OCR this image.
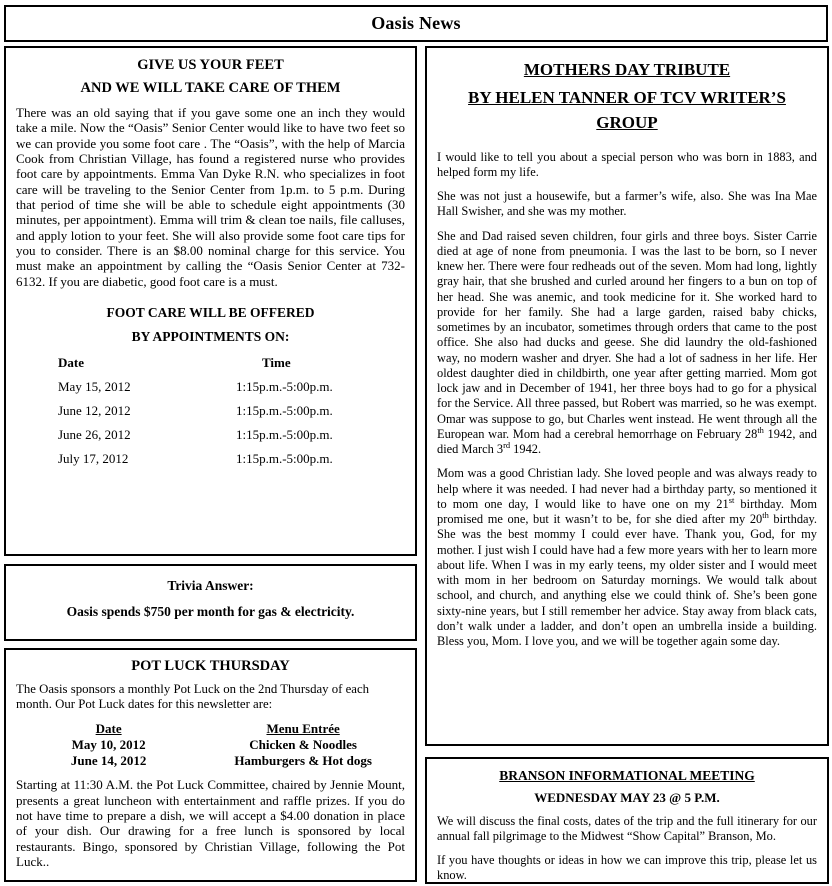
Oasis News
GIVE US YOUR FEET
AND WE WILL TAKE CARE OF THEM

There was an old saying that if you gave some one an inch they would take a mile. Now the “Oasis” Senior Center would like to have two feet so we can provide you some foot care . The “Oasis”, with the help of Marcia Cook from Christian Village, has found a registered nurse who provides foot care by appointments. Emma Van Dyke R.N. who specializes in foot care will be traveling to the Senior Center from 1p.m. to 5 p.m. During that period of time she will be able to schedule eight appointments (30 minutes, per appointment). Emma will trim & clean toe nails, file calluses, and apply lotion to your feet. She will also provide some foot care tips for you to consider. There is an $8.00 nominal charge for this service. You must make an appointment by calling the “Oasis Senior Center at 732-6132. If you are diabetic, good foot care is a must.

FOOT CARE WILL BE OFFERED
BY APPOINTMENTS ON:
Date	Time
May 15, 2012	1:15p.m.-5:00p.m.
June 12, 2012	1:15p.m.-5:00p.m.
June 26, 2012	1:15p.m.-5:00p.m.
July 17, 2012	1:15p.m.-5:00p.m.

Trivia Answer:

Oasis spends $750 per month for gas & electricity.

POT LUCK THURSDAY

The Oasis sponsors a monthly Pot Luck on the 2nd Thursday of each month. Our Pot Luck dates for this newsletter are:

Date	Menu Entrée
May 10, 2012	Chicken & Noodles
June 14, 2012	Hamburgers & Hot dogs

Starting at 11:30 A.M. the Pot Luck Committee, chaired by Jennie Mount, presents a great luncheon with entertainment and raffle prizes. If you do not have time to prepare a dish, we will accept a $4.00 donation in place of your dish. Our drawing for a free lunch is sponsored by local restaurants. Bingo, sponsored by Christian Village, following the Pot Luck..

MOTHERS DAY TRIBUTE
BY HELEN TANNER OF TCV WRITER’S GROUP

I would like to tell you about a special person who was born in 1883, and helped form my life.

She was not just a housewife, but a farmer’s wife, also. She was Ina Mae Hall Swisher, and she was my mother.

She and Dad raised seven children, four girls and three boys. Sister Carrie died at age of none from pneumonia. I was the last to be born, so I never knew her. There were four redheads out of the seven. Mom had long, lightly gray hair, that she brushed and curled around her fingers to a bun on top of her head. She was anemic, and took medicine for it. She worked hard to provide for her family. She had a large garden, raised baby chicks, sometimes by an incubator, sometimes through orders that came to the post office. She also had ducks and geese. She did laundry the old-fashioned way, no modern washer and dryer. She had a lot of sadness in her life. Her oldest daughter died in childbirth, one year after getting married. Mom got lock jaw and in December of 1941, her three boys had to go for a physical for the Service. All three passed, but Robert was married, so he was exempt. Omar was suppose to go, but Charles went instead. He went through all the European war. Mom had a cerebral hemorrhage on February 28th 1942, and died March 3rd 1942.

Mom was a good Christian lady. She loved people and was always ready to help where it was needed. I had never had a birthday party, so mentioned it to mom one day, I would like to have one on my 21st birthday. Mom promised me one, but it wasn’t to be, for she died after my 20th birthday. She was the best mommy I could ever have. Thank you, God, for my mother. I just wish I could have had a few more years with her to learn more about life. When I was in my early teens, my older sister and I would meet with mom in her bedroom on Saturday mornings. We would talk about school, and church, and anything else we could think of. She’s been gone sixty-nine years, but I still remember her advice. Stay away from black cats, don’t walk under a ladder, and don’t open an umbrella inside a building. Bless you, Mom. I love you, and we will be together again some day.

BRANSON INFORMATIONAL MEETING
WEDNESDAY MAY 23 @ 5 P.M.

We will discuss the final costs, dates of the trip and the full itinerary for our annual fall pilgrimage to the Midwest “Show Capital” Branson, Mo.

If you have thoughts or ideas in how we can improve this trip, please let us know.
